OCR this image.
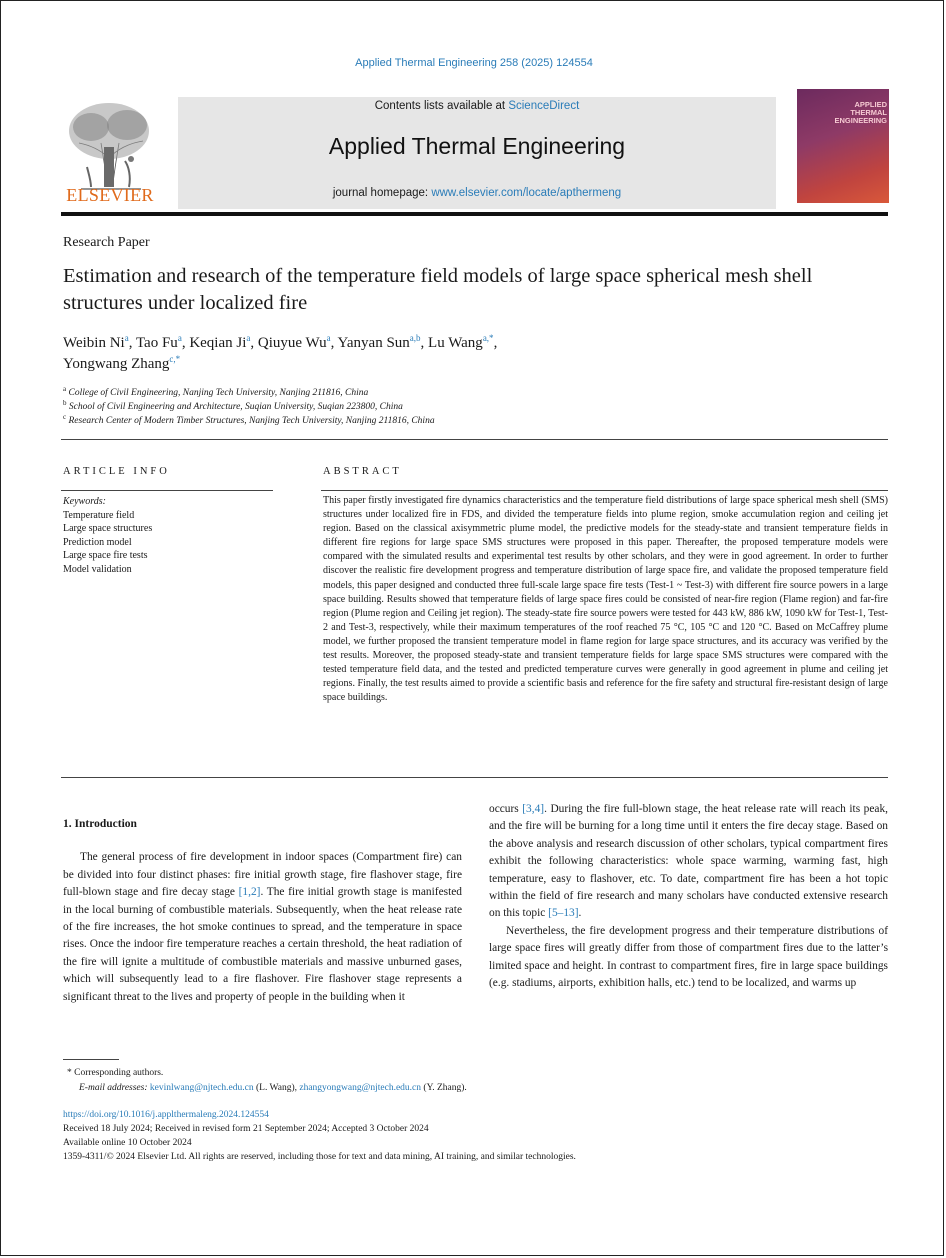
Applied Thermal Engineering 258 (2025) 124554
ELSEVIER
Contents lists available at ScienceDirect
Applied Thermal Engineering
journal homepage: www.elsevier.com/locate/apthermeng
APPLIED
THERMAL
ENGINEERING
Research Paper
Estimation and research of the temperature field models of large space spherical mesh shell structures under localized fire
Weibin Ni$^a$, Tao Fu$^a$, Keqian Ji$^a$, Qiuyue Wu$^a$, Yanyan Sun$^{a,b}$, Lu Wang$^{a,*}$,
Yongwang Zhang$^{c,*}$
$^a$ College of Civil Engineering, Nanjing Tech University, Nanjing 211816, China
$^b$ School of Civil Engineering and Architecture, Suqian University, Suqian 223800, China
$^c$ Research Center of Modern Timber Structures, Nanjing Tech University, Nanjing 211816, China
ARTICLE INFO	ABSTRACT
Keywords:
Temperature field
Large space structures
Prediction model
Large space fire tests
Model validation
This paper firstly investigated fire dynamics characteristics and the temperature field distributions of large space spherical mesh shell (SMS) structures under localized fire in FDS, and divided the temperature fields into plume region, smoke accumulation region and ceiling jet region. Based on the classical axisymmetric plume model, the predictive models for the steady-state and transient temperature fields in different fire regions for large space SMS structures were proposed in this paper. Thereafter, the proposed temperature models were compared with the simulated results and experimental test results by other scholars, and they were in good agreement. In order to further discover the realistic fire development progress and temperature distribution of large space fire, and validate the proposed temperature field models, this paper designed and conducted three full-scale large space fire tests (Test-1 ~ Test-3) with different fire source powers in a large space building. Results showed that temperature fields of large space fires could be consisted of near-fire region (Flame region) and far-fire region (Plume region and Ceiling jet region). The steady-state fire source powers were tested for 443 kW, 886 kW, 1090 kW for Test-1, Test-2 and Test-3, respectively, while their maximum temperatures of the roof reached 75 °C, 105 °C and 120 °C. Based on McCaffrey plume model, we further proposed the transient temperature model in flame region for large space structures, and its accuracy was verified by the test results. Moreover, the proposed steady-state and transient temperature fields for large space SMS structures were compared with the tested temperature field data, and the tested and predicted temperature curves were generally in good agreement in plume and ceiling jet regions. Finally, the test results aimed to provide a scientific basis and reference for the fire safety and structural fire-resistant design of large space buildings.
1. Introduction

The general process of fire development in indoor spaces (Compartment fire) can be divided into four distinct phases: fire initial growth stage, fire flashover stage, fire full-blown stage and fire decay stage [1,2]. The fire initial growth stage is manifested in the local burning of combustible materials. Subsequently, when the heat release rate of the fire increases, the hot smoke continues to spread, and the temperature in space rises. Once the indoor fire temperature reaches a certain threshold, the heat radiation of the fire will ignite a multitude of combustible materials and massive unburned gases, which will subsequently lead to a fire flashover. Fire flashover stage represents a significant threat to the lives and property of people in the building when it

occurs [3,4]. During the fire full-blown stage, the heat release rate will reach its peak, and the fire will be burning for a long time until it enters the fire decay stage. Based on the above analysis and research discussion of other scholars, typical compartment fires exhibit the following characteristics: whole space warming, warming fast, high temperature, easy to flashover, etc. To date, compartment fire has been a hot topic within the field of fire research and many scholars have conducted extensive research on this topic [5–13].

Nevertheless, the fire development progress and their temperature distributions of large space fires will greatly differ from those of compartment fires due to the latter’s limited space and height. In contrast to compartment fires, fire in large space buildings (e.g. stadiums, airports, exhibition halls, etc.) tend to be localized, and warms up

* Corresponding authors.
E-mail addresses: kevinlwang@njtech.edu.cn (L. Wang), zhangyongwang@njtech.edu.cn (Y. Zhang).
https://doi.org/10.1016/j.applthermaleng.2024.124554
Received 18 July 2024; Received in revised form 21 September 2024; Accepted 3 October 2024
Available online 10 October 2024
1359-4311/© 2024 Elsevier Ltd. All rights are reserved, including those for text and data mining, AI training, and similar technologies.
